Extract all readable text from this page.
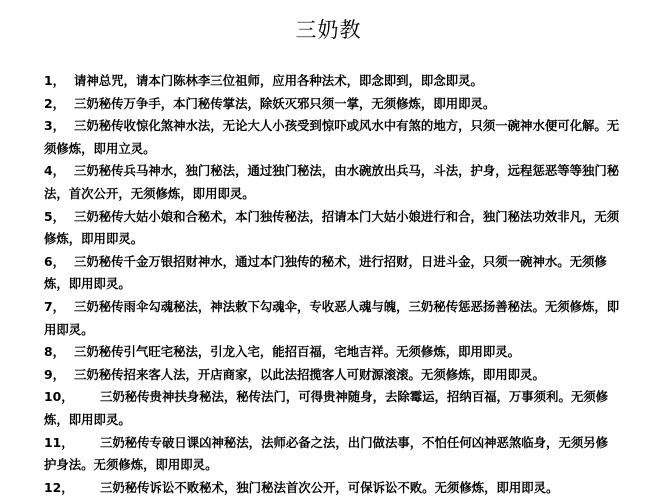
三奶教
1， 请神总咒，请本门陈林李三位祖师，应用各种法术，即念即到，即念即灵。
2， 三奶秘传万争手，本门秘传掌法，除妖灭邪只须一掌，无须修炼，即用即灵。
3， 三奶秘传收惊化煞神水法，无论大人小孩受到惊吓或风水中有煞的地方，只须一碗神水便可化解。无须修炼，即用立灵。
4， 三奶秘传兵马神水，独门秘法，通过独门秘法，由水碗放出兵马，斗法，护身，远程惩恶等等独门秘法，首次公开，无须修炼，即用即灵。
5， 三奶秘传大姑小娘和合秘术，本门独传秘法，招请本门大姑小娘进行和合，独门秘法功效非凡，无须修炼，即用即灵。
6， 三奶秘传千金万银招财神水，通过本门独传的秘术，进行招财，日进斗金，只须一碗神水。无须修炼，即用即灵。
7， 三奶秘传雨伞勾魂秘法，神法敕下勾魂伞，专收恶人魂与魄，三奶秘传惩恶扬善秘法。无须修炼，即用即灵。
8， 三奶秘传引气旺宅秘法，引龙入宅，能招百福，宅地吉祥。无须修炼，即用即灵。
9， 三奶秘传招来客人法，开店商家，以此法招揽客人可财源滚滚。无须修炼，即用即灵。
10， 三奶秘传贵神扶身秘法，秘传法门，可得贵神随身，去除霉运，招纳百福，万事须利。无须修炼，即用即灵。
11， 三奶秘传专破日课凶神秘法，法师必备之法，出门做法事，不怕任何凶神恶煞临身，无须另修护身法。无须修炼，即用即灵。
12， 三奶秘传诉讼不败秘术，独门秘法首次公开，可保诉讼不败。无须修炼，即用即灵。
